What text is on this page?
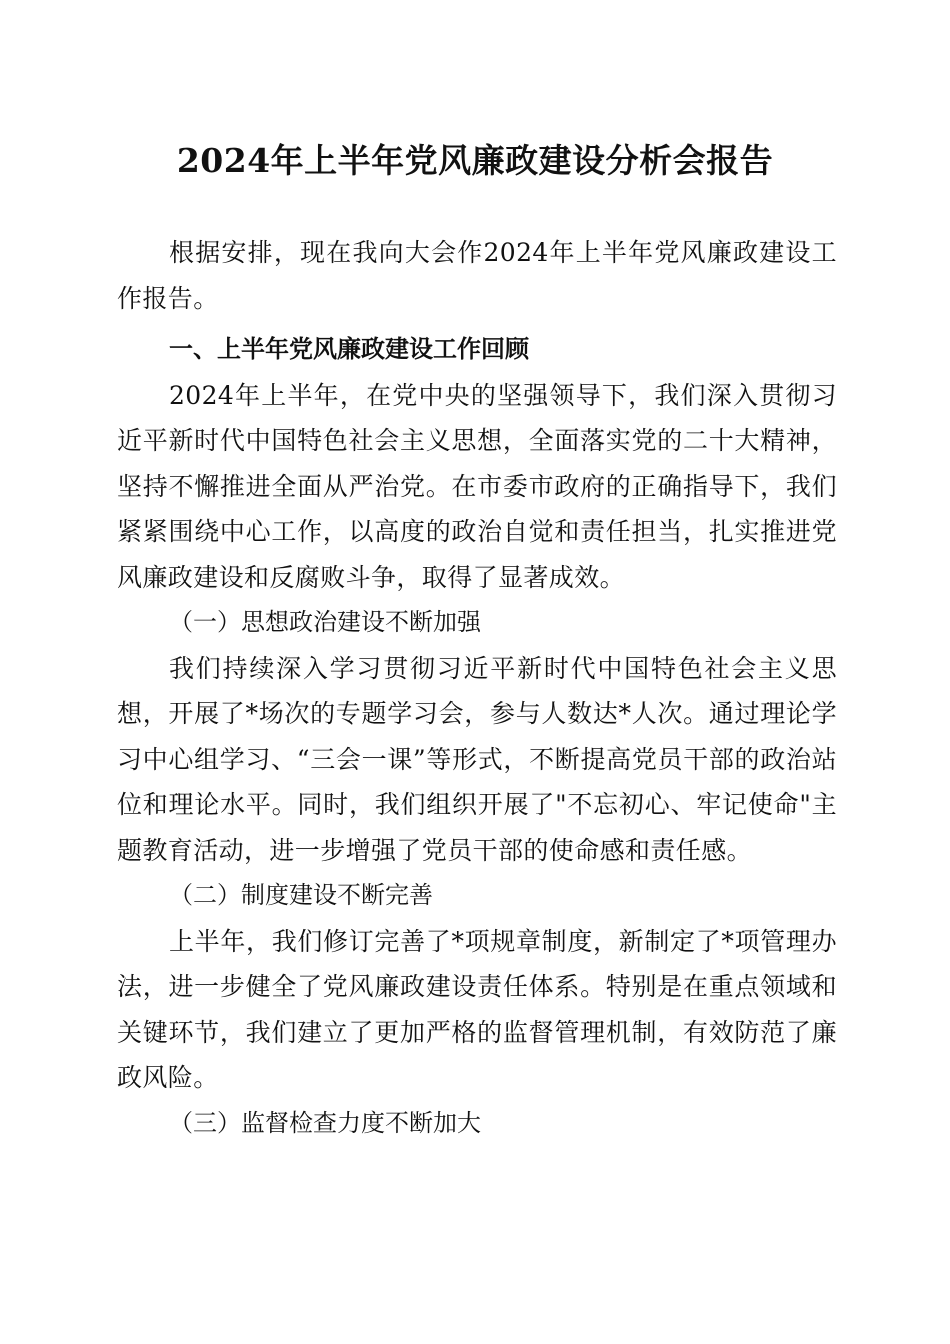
2024年上半年党风廉政建设分析会报告

根据安排，现在我向大会作2024年上半年党风廉政建设工作报告。

一、上半年党风廉政建设工作回顾

2024年上半年，在党中央的坚强领导下，我们深入贯彻习近平新时代中国特色社会主义思想，全面落实党的二十大精神，坚持不懈推进全面从严治党。在市委市政府的正确指导下，我们紧紧围绕中心工作，以高度的政治自觉和责任担当，扎实推进党风廉政建设和反腐败斗争，取得了显著成效。

（一）思想政治建设不断加强

我们持续深入学习贯彻习近平新时代中国特色社会主义思想，开展了*场次的专题学习会，参与人数达*人次。通过理论学习中心组学习、“三会一课”等形式，不断提高党员干部的政治站位和理论水平。同时，我们组织开展了"不忘初心、牢记使命"主题教育活动，进一步增强了党员干部的使命感和责任感。

（二）制度建设不断完善

上半年，我们修订完善了*项规章制度，新制定了*项管理办法，进一步健全了党风廉政建设责任体系。特别是在重点领域和关键环节，我们建立了更加严格的监督管理机制，有效防范了廉政风险。

（三）监督检查力度不断加大
